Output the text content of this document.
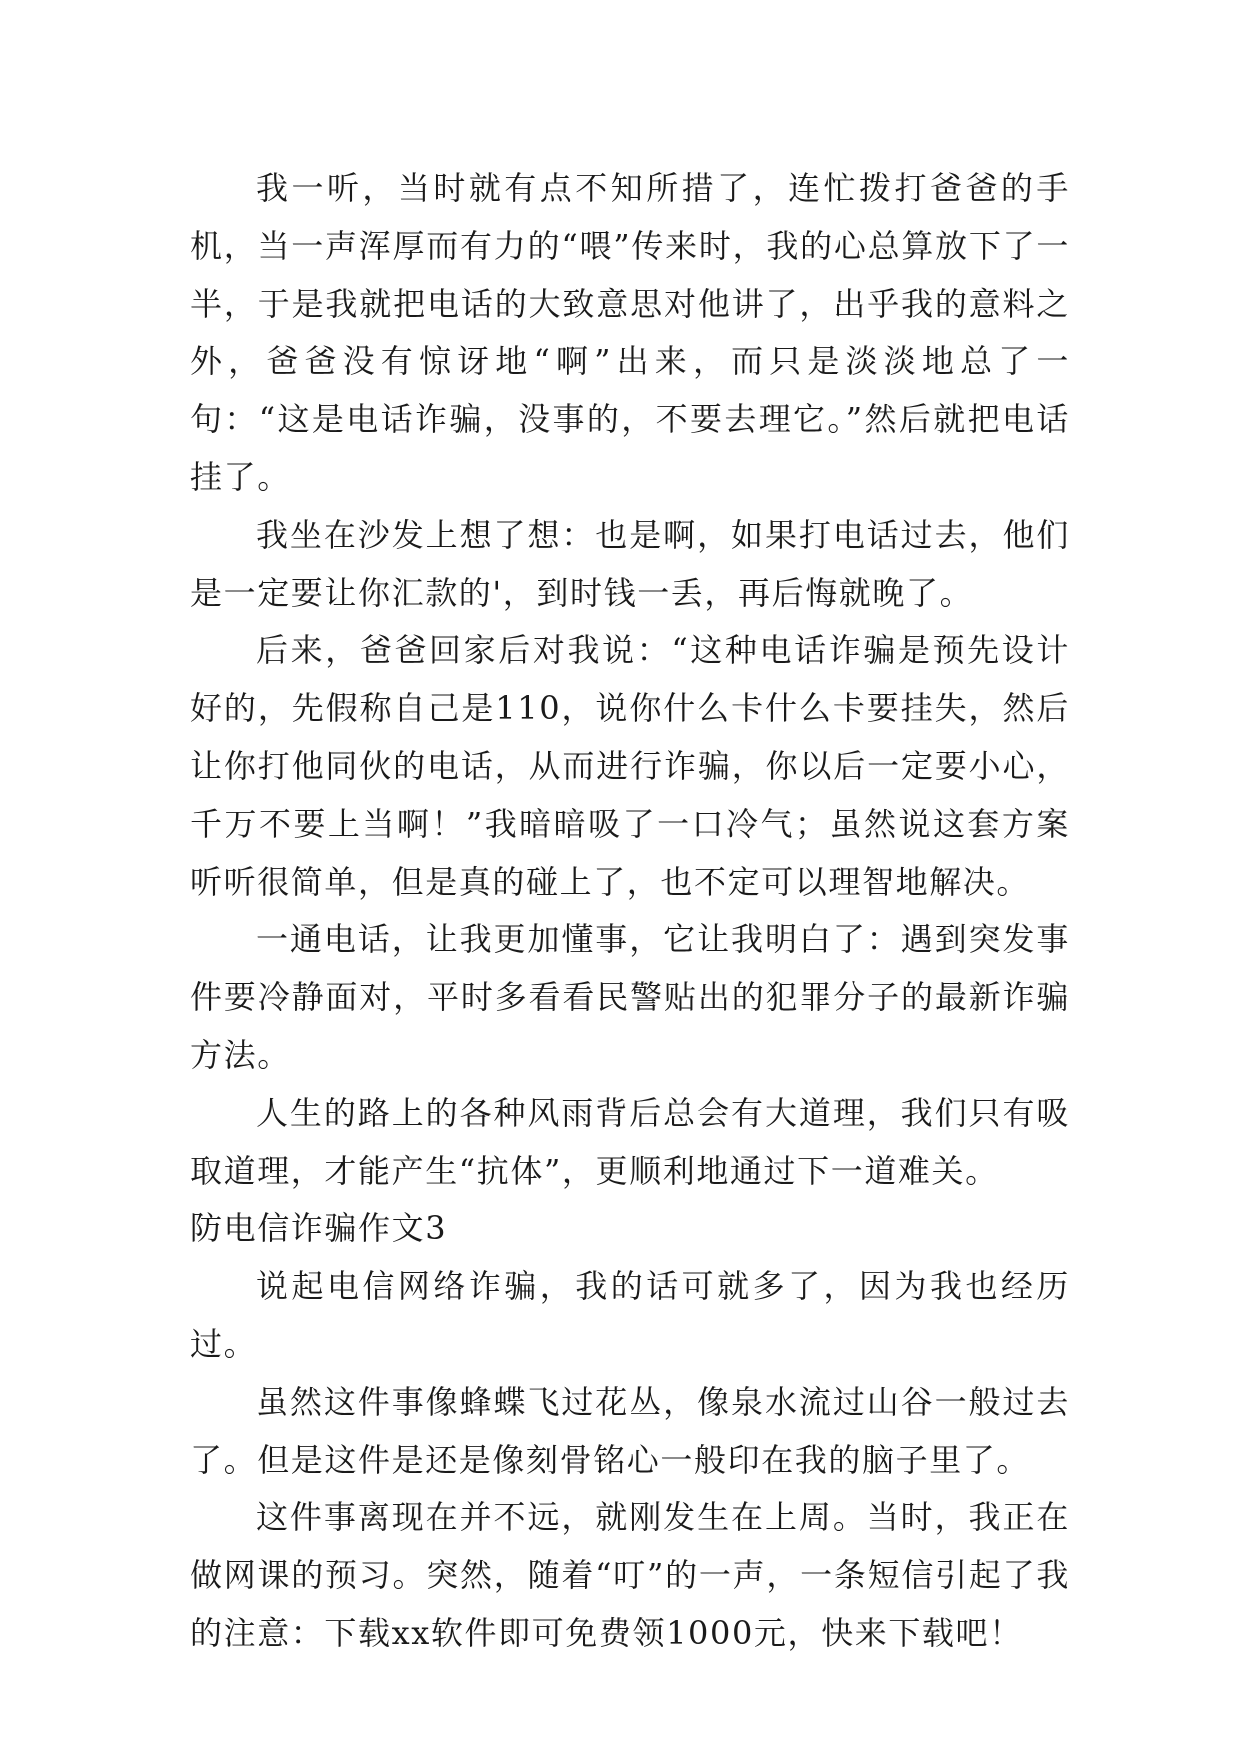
我一听，当时就有点不知所措了，连忙拨打爸爸的手机，当一声浑厚而有力的“喂”传来时，我的心总算放下了一半，于是我就把电话的大致意思对他讲了，出乎我的意料之外，爸爸没有惊讶地“啊”出来，而只是淡淡地总了一句：“这是电话诈骗，没事的，不要去理它。”然后就把电话挂了。

我坐在沙发上想了想：也是啊，如果打电话过去，他们是一定要让你汇款的'，到时钱一丢，再后悔就晚了。

后来，爸爸回家后对我说：“这种电话诈骗是预先设计好的，先假称自己是110，说你什么卡什么卡要挂失，然后让你打他同伙的电话，从而进行诈骗，你以后一定要小心，千万不要上当啊！”我暗暗吸了一口冷气；虽然说这套方案听听很简单，但是真的碰上了，也不定可以理智地解决。

一通电话，让我更加懂事，它让我明白了：遇到突发事件要冷静面对，平时多看看民警贴出的犯罪分子的最新诈骗方法。

人生的路上的各种风雨背后总会有大道理，我们只有吸取道理，才能产生“抗体”，更顺利地通过下一道难关。

防电信诈骗作文3

说起电信网络诈骗，我的话可就多了，因为我也经历过。

虽然这件事像蜂蝶飞过花丛，像泉水流过山谷一般过去了。但是这件是还是像刻骨铭心一般印在我的脑子里了。

这件事离现在并不远，就刚发生在上周。当时，我正在做网课的预习。突然，随着“叮”的一声，一条短信引起了我的注意：下载xx软件即可免费领1000元，快来下载吧！
